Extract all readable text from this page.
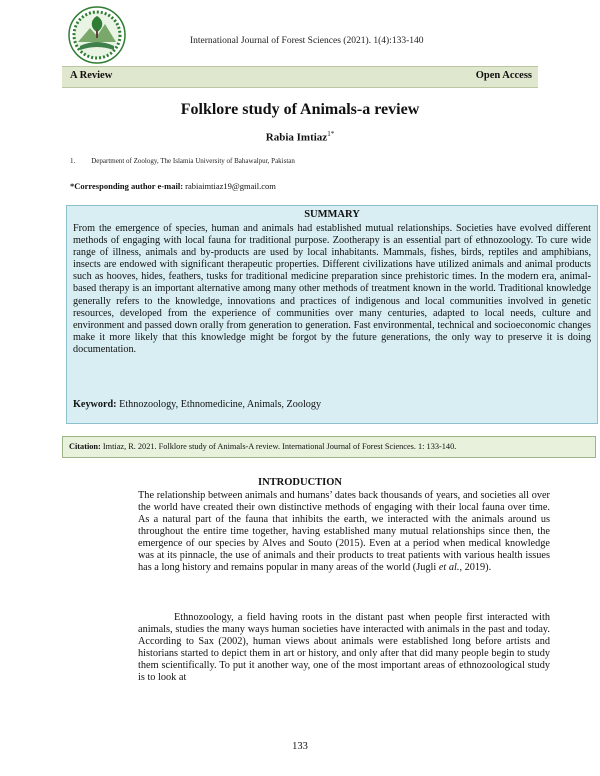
International Journal of Forest Sciences (2021). 1(4):133-140
A Review	Open Access
Folklore study of Animals-a review
Rabia Imtiaz$^{1*}$
1. Department of Zoology, The Islamia University of Bahawalpur, Pakistan
*Corresponding author e-mail: rabiaimtiaz19@gmail.com
SUMMARY
From the emergence of species, human and animals had established mutual relationships. Societies have evolved different methods of engaging with local fauna for traditional purpose. Zootherapy is an essential part of ethnozoology. To cure wide range of illness, animals and by-products are used by local inhabitants. Mammals, fishes, birds, reptiles and amphibians, insects are endowed with significant therapeutic properties. Different civilizations have utilized animals and animal products such as hooves, hides, feathers, tusks for traditional medicine preparation since prehistoric times. In the modern era, animal-based therapy is an important alternative among many other methods of treatment known in the world. Traditional knowledge generally refers to the knowledge, innovations and practices of indigenous and local communities involved in genetic resources, developed from the experience of communities over many centuries, adapted to local needs, culture and environment and passed down orally from generation to generation. Fast environmental, technical and socioeconomic changes make it more likely that this knowledge might be forgot by the future generations, the only way to preserve it is doing documentation.
Keyword: Ethnozoology, Ethnomedicine, Animals, Zoology
Citation: Imtiaz, R. 2021. Folklore study of Animals-A review. International Journal of Forest Sciences. 1: 133-140.
INTRODUCTION
The relationship between animals and humans’ dates back thousands of years, and societies all over the world have created their own distinctive methods of engaging with their local fauna over time. As a natural part of the fauna that inhibits the earth, we interacted with the animals around us throughout the entire time together, having established many mutual relationships since then, the emergence of our species by Alves and Souto (2015). Even at a period when medical knowledge was at its pinnacle, the use of animals and their products to treat patients with various health issues has a long history and remains popular in many areas of the world (Jugli et al., 2019).
Ethnozoology, a field having roots in the distant past when people first interacted with animals, studies the many ways human societies have interacted with animals in the past and today. According to Sax (2002), human views about animals were established long before artists and historians started to depict them in art or history, and only after that did many people begin to study them scientifically. To put it another way, one of the most important areas of ethnozoological study is to look at
133
